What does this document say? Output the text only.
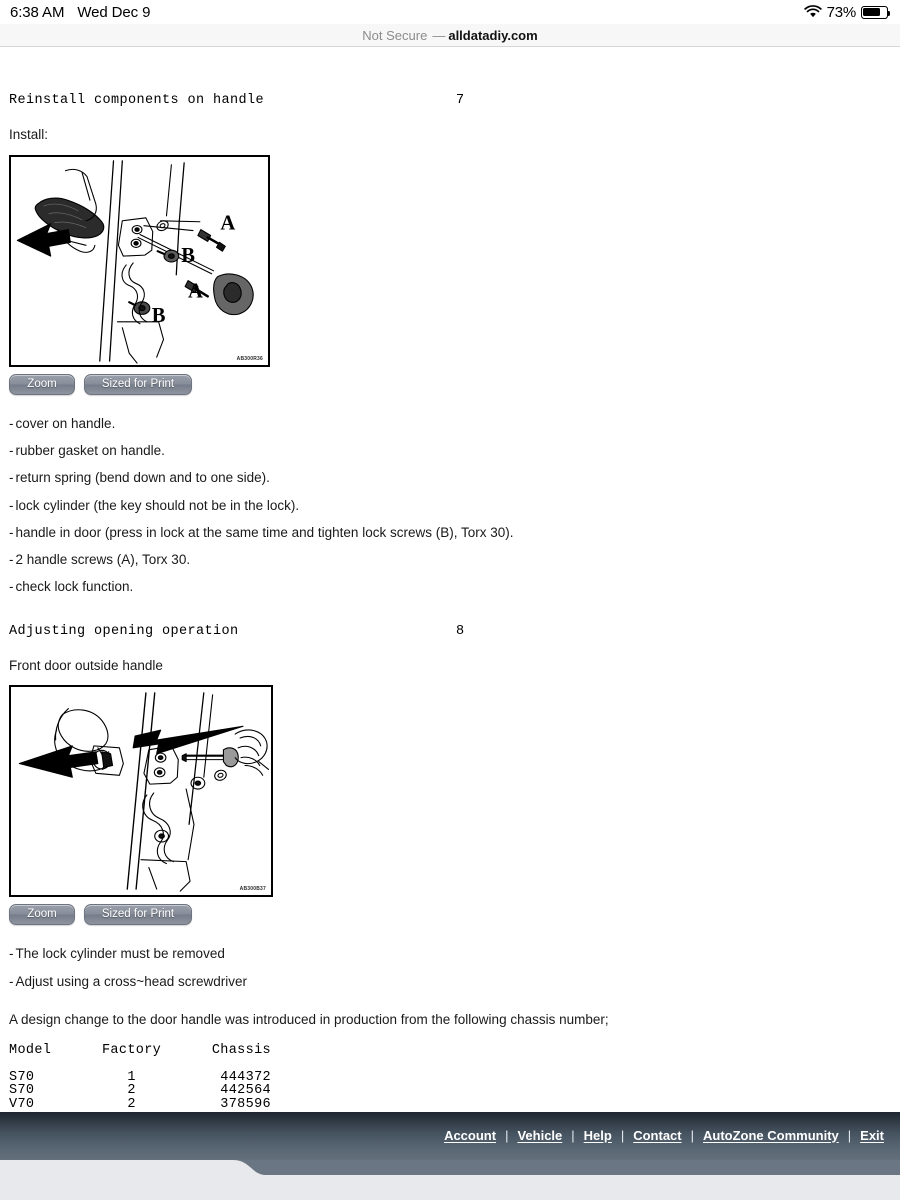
6:38 AM Wed Dec 9	73%
Not Secure — alldatadiy.com
Reinstall components on handle	7
Install:
A
B
A
B
AB300R36
Zoom	Sized for Print
- cover on handle.
- rubber gasket on handle.
- return spring (bend down and to one side).
- lock cylinder (the key should not be in the lock).
- handle in door (press in lock at the same time and tighten lock screws (B), Torx 30).
- 2 handle screws (A), Torx 30.
- check lock function.
Adjusting opening operation	8
Front door outside handle
AB300B37
Zoom	Sized for Print
- The lock cylinder must be removed
- Adjust using a cross~head screwdriver
A design change to the door handle was introduced in production from the following chassis number;
Model      Factory      Chassis
S70           1          444372
S70           2          442564
V70           2          378596
Account | Vehicle | Help | Contact | AutoZone Community | Exit
